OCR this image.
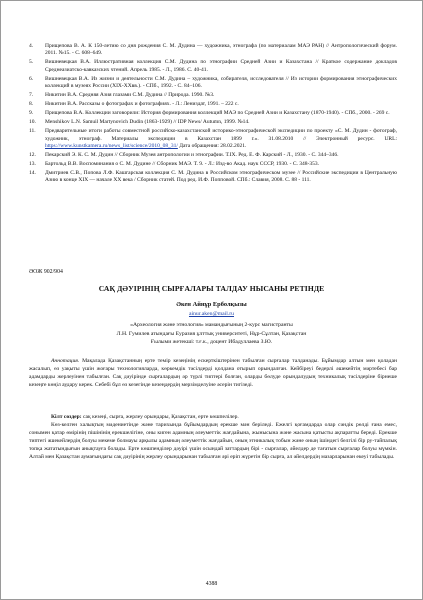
4.	Прищепова В. А. К 150-летию со дня рождения С. М. Дудина — художника, этнографа (по материалам МАЭ РАН) // Антропологический форум. 2011. №15. - С. 608–649.
5.	Вишневецкая В.А. Иллюстративная коллекция С.М. Дудина по этнографии Средней Азии и Казахстана // Краткое содержание докладов Среднеазиатско-кавказских чтений. Апрель 1985. - Л., 1986. С. 40-41.
6.	Вишневецкая В.А. Из жизни и деятельности С.М. Дудина – художника, собирателя, исследователя // Из истории формирования этнографических коллекций в музеях России (XIX-XXвв.). - СПб., 1992. - С. 84–106.
7.	Никитин В.А. Средняя Азия глазами С.М. Дудина // Природа. 1990. №3.
8.	Никитин В.А. Рассказы о фотографах и фотографиях. - Л.: Лениздат, 1991. – 222 с.
9.	Прищепова В.А. Коллекции заговорили: История формирования коллекций МАЭ по Средней Азии и Казахстану (1870-1940). - СПб., 2000. - 269 с.
10.	Menshikov L.N. Samuil Martynovich Dudin (1863-1929) // IDP News/ Autumn, 1999. №14.
11.	Предварительные итоги работы совместной российско-казахстанской историко-этнографической экспедиции по проекту «С. М. Дудин - фотограф, художник, этнограф. Материалы экспедиции в Казахстан 1899 г.». 31.08.2010 // Электронный ресурс. URL: https://www.kunstkamera.ru/news_list/science/2010_08_31/ Дата обращения: 28.02.2021.
12.	Пекарский Э. К. С. М. Дудин // Сборник Музея антропологии и этнографии. Т.IX. Ред. Е. Ф. Карский - Л., 1930. - С. 344–346.
13.	Бартольд В.В. Воспоминания о С. М. Дудине // Сборник МАЭ. Т. 9. - Л.: Изд-во Акад. наук СССР, 1930. - С. 348-353.
14.	Дмитриев С.В., Попова Л.Ф. Кашгарская коллекция С. М. Дудина в Российском этнографическом музее // Российские экспедиции в Центральную Азию в конце XIX — начале XX века / Сборник статей. Под ред. И.Ф. Попповой. СПб.: Славия, 2008. С. 88 - 111.
ӘОЖ 902/904
САҚ ДӘУІРІНІҢ СЫРҒАЛАРЫ ТАЛДАУ НЫСАНЫ РЕТІНДЕ
Әкен Айнұр Ерболқызы
ainur.aken@mail.ru
«Археология және этнология» мамандығының 2-курс магистранты
Л.Н. Гумилев атындағы Еуразия ұлттық университеті, Нұр-Сұлтан, Қазақстан
Ғылыми жетекші: т.ғ.к., доцент Ибадуллаева З.Ю.

Аннотация. Мақалада Қазақстанның ерте темір кезеңінің ескерткіштерінен табылған сырғалар талданады. Бұйымдар алтын мен қоладан жасалып, өз уақыты үшін жоғары технологияларда, көркемдік тәсілдерді қолдана отырып орындалған. Кейбіреуі бедерлі әшекейтің мәртебесі бар адамдарды жерлеуінен табылған. Сақ дәуірінде сырғалардың әр түрлі типтері болған, оларды бөлуде орындалудың техникалық тәсілдеріне бірнеше кезеңге көңіл аудару керек. Себебі бұл өз кезегінде кезеңдердің мерзімделуіне әсерін тигізеді.

Кілт сөздер: сақ кезеңі, сырға, жерлеу орындары, Қазақстан, ерте көшпелілер.

Көз-келген халықтың мәдениетінде және тарихында бұйымдардың ерекше мән беріледі. Ежелгі қоғамдарда олар сәндік рөлді ғана емес, сонымен қатар өмірінің пішінінің ерекшелігіне, оны киген адамның әлеуметтік жағдайына, жынысына және жасына қатысты ақпаратты береді. Ерекше типтегі әшекейлердің болуы мекеме болмауы арқылы адамның әлеуметтік жағдайын, оның этникалық тобын және оның ішіндегі белгілі бір ру-тайпалық топқа жататындығын анықтауға болады. Ерте көшпенділер дәуірі үшін осындай заттардың бірі - сырғалар, әйелдер де тағатын сырғалар болуы мүмкін. Алтай мен Қазақстан аумағындағы сақ дәуірінің жерлеу орындарынан табылған әрі еріп жүретін бір сырға, ал әйелдердің мазарларынан екеуі табылады.

4388
